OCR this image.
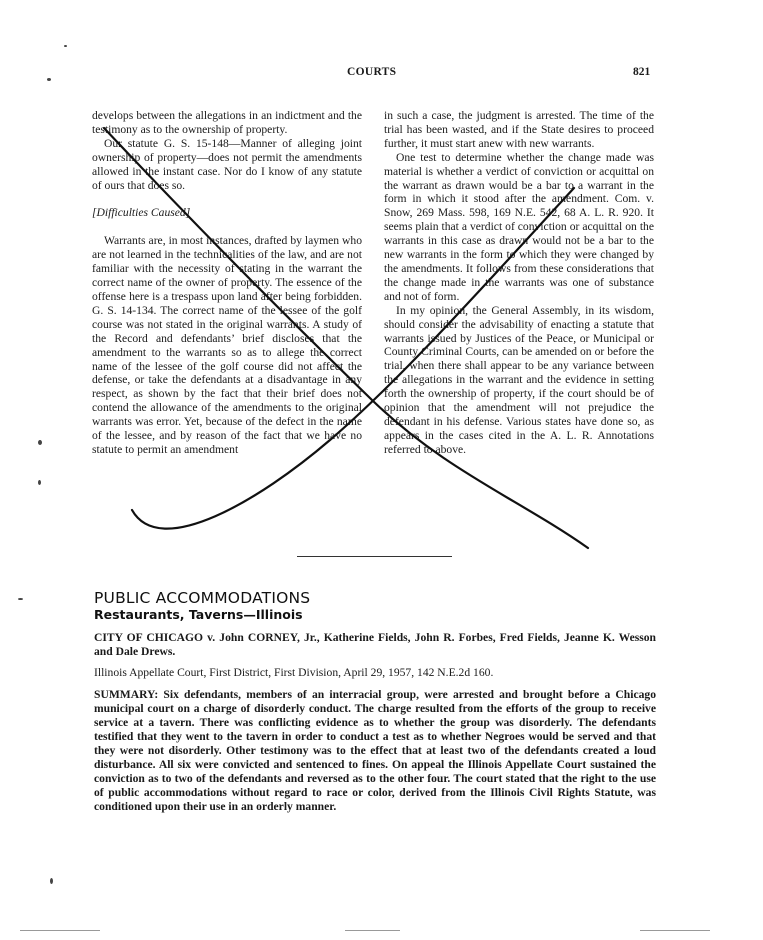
COURTS	821

develops between the allegations in an indictment and the testimony as to the ownership of property.

Our statute G. S. 15-148—Manner of alleging joint ownership of property—does not permit the amendments allowed in the instant case. Nor do I know of any statute of ours that does so.

[Difficulties Caused]

Warrants are, in most instances, drafted by laymen who are not learned in the technicalities of the law, and are not familiar with the necessity of stating in the warrant the correct name of the owner of property. The essence of the offense here is a trespass upon land after being forbidden. G. S. 14-134. The correct name of the lessee of the golf course was not stated in the original warrants. A study of the Record and defendants’ brief discloses that the amendment to the warrants so as to allege the correct name of the lessee of the golf course did not affect the defense, or take the defendants at a disadvantage in any respect, as shown by the fact that their brief does not contend the allowance of the amendments to the original warrants was error. Yet, because of the defect in the name of the lessee, and by reason of the fact that we have no statute to permit an amendment

in such a case, the judgment is arrested. The time of the trial has been wasted, and if the State desires to proceed further, it must start anew with new warrants.

One test to determine whether the change made was material is whether a verdict of conviction or acquittal on the warrant as drawn would be a bar to a warrant in the form in which it stood after the amendment. Com. v. Snow, 269 Mass. 598, 169 N.E. 542, 68 A. L. R. 920. It seems plain that a verdict of conviction or acquittal on the warrants in this case as drawn would not be a bar to the new warrants in the form to which they were changed by the amendments. It follows from these considerations that the change made in the warrants was one of substance and not of form.

In my opinion, the General Assembly, in its wisdom, should consider the advisability of enacting a statute that warrants issued by Justices of the Peace, or Municipal or County Criminal Courts, can be amended on or before the trial, when there shall appear to be any variance between the allegations in the warrant and the evidence in setting forth the ownership of property, if the court should be of opinion that the amendment will not prejudice the defendant in his defense. Various states have done so, as appears in the cases cited in the A. L. R. Annotations referred to above.

PUBLIC ACCOMMODATIONS
Restaurants, Taverns—Illinois
CITY OF CHICAGO v. John CORNEY, Jr., Katherine Fields, John R. Forbes, Fred Fields, Jeanne K. Wesson and Dale Drews.
Illinois Appellate Court, First District, First Division, April 29, 1957, 142 N.E.2d 160.
SUMMARY: Six defendants, members of an interracial group, were arrested and brought before a Chicago municipal court on a charge of disorderly conduct. The charge resulted from the efforts of the group to receive service at a tavern. There was conflicting evidence as to whether the group was disorderly. The defendants testified that they went to the tavern in order to conduct a test as to whether Negroes would be served and that they were not disorderly. Other testimony was to the effect that at least two of the defendants created a loud disturbance. All six were convicted and sentenced to fines. On appeal the Illinois Appellate Court sustained the conviction as to two of the defendants and reversed as to the other four. The court stated that the right to the use of public accommodations without regard to race or color, derived from the Illinois Civil Rights Statute, was conditioned upon their use in an orderly manner.
